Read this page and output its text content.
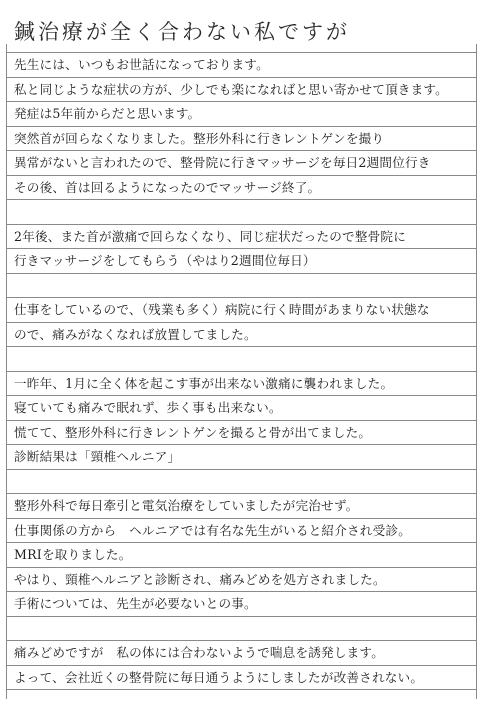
鍼治療が全く合わない私ですが
先生には、いつもお世話になっております。
私と同じような症状の方が、少しでも楽になればと思い寄かせて頂きます。
発症は5年前からだと思います。
突然首が回らなくなりました。整形外科に行きレントゲンを撮り
異常がないと言われたので、整骨院に行きマッサージを毎日2週間位行き
その後、首は回るようになったのでマッサージ終了。
2年後、また首が激痛で回らなくなり、同じ症状だったので整骨院に
行きマッサージをしてもらう（やはり2週間位毎日）
仕事をしているので、（残業も多く）病院に行く時間があまりない状態な
ので、痛みがなくなれば放置してました。
一昨年、1月に全く体を起こす事が出来ない激痛に襲われました。
寝ていても痛みで眠れず、歩く事も出来ない。
慌てて、整形外科に行きレントゲンを撮ると骨が出てました。
診断結果は「頸椎ヘルニア」
整形外科で毎日牽引と電気治療をしていましたが完治せず。
仕事関係の方から　ヘルニアでは有名な先生がいると紹介され受診。
MRIを取りました。
やはり、頸椎ヘルニアと診断され、痛みどめを処方されました。
手術については、先生が必要ないとの事。
痛みどめですが　私の体には合わないようで喘息を誘発します。
よって、会社近くの整骨院に毎日通うようにしましたが改善されない。
